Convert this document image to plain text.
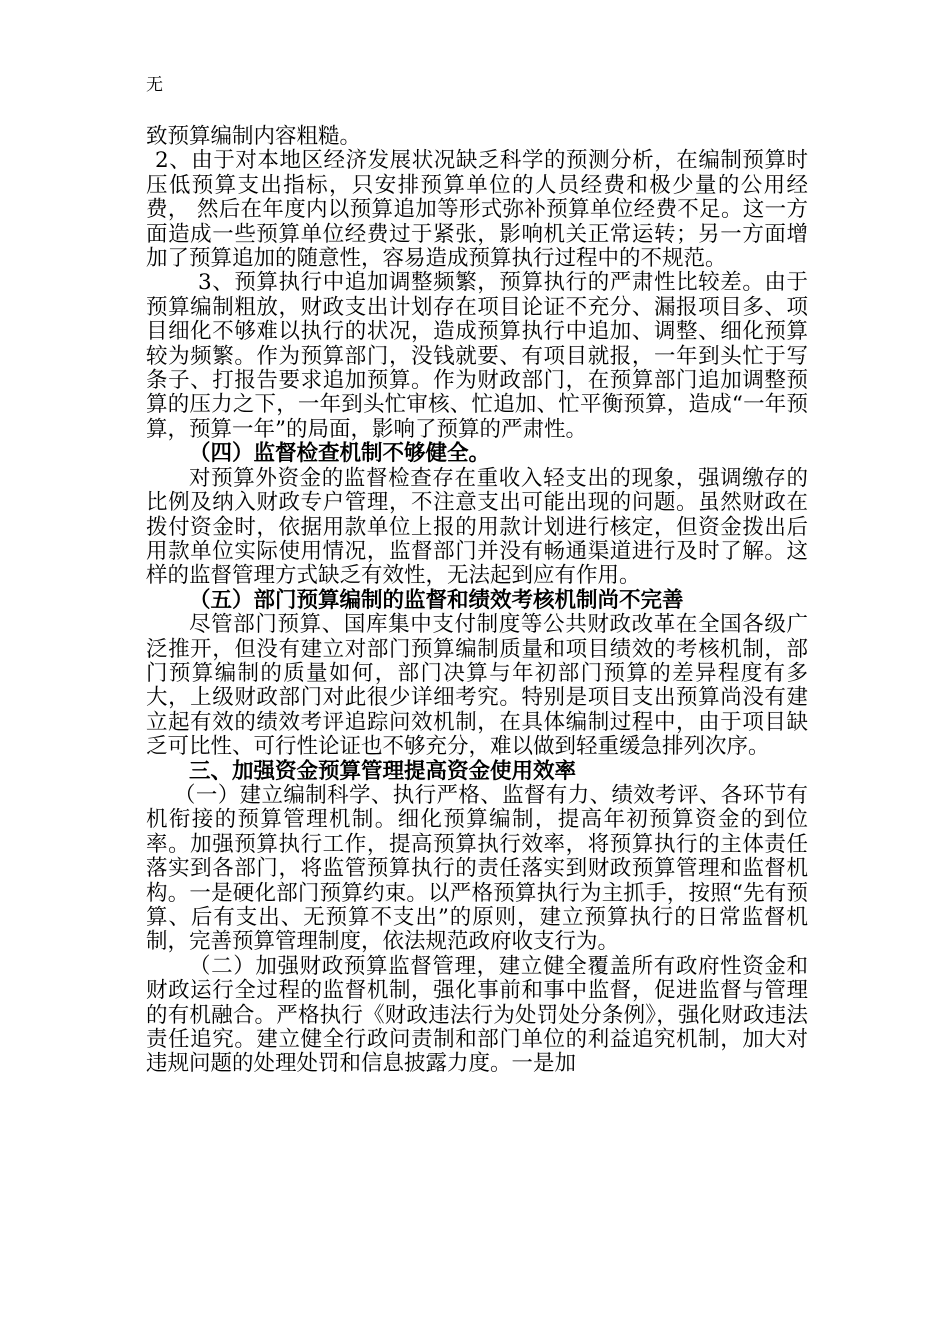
无

致预算编制内容粗糙。

2、由于对本地区经济发展状况缺乏科学的预测分析，在编制预算时压低预算支出指标，只安排预算单位的人员经费和极少量的公用经费， 然后在年度内以预算追加等形式弥补预算单位经费不足。这一方面造成一些预算单位经费过于紧张，影响机关正常运转；另一方面增加了预算追加的随意性，容易造成预算执行过程中的不规范。

3、预算执行中追加调整频繁，预算执行的严肃性比较差。由于预算编制粗放，财政支出计划存在项目论证不充分、漏报项目多、项目细化不够难以执行的状况，造成预算执行中追加、调整、细化预算较为频繁。作为预算部门，没钱就要、有项目就报，一年到头忙于写条子、打报告要求追加预算。作为财政部门，在预算部门追加调整预算的压力之下，一年到头忙审核、忙追加、忙平衡预算，造成“一年预算，预算一年”的局面，影响了预算的严肃性。

（四）监督检查机制不够健全。

对预算外资金的监督检查存在重收入轻支出的现象，强调缴存的比例及纳入财政专户管理，不注意支出可能出现的问题。虽然财政在拨付资金时，依据用款单位上报的用款计划进行核定，但资金拨出后用款单位实际使用情况，监督部门并没有畅通渠道进行及时了解。这样的监督管理方式缺乏有效性，无法起到应有作用。

（五）部门预算编制的监督和绩效考核机制尚不完善

尽管部门预算、国库集中支付制度等公共财政改革在全国各级广泛推开，但没有建立对部门预算编制质量和项目绩效的考核机制，部门预算编制的质量如何，部门决算与年初部门预算的差异程度有多大，上级财政部门对此很少详细考究。特别是项目支出预算尚没有建立起有效的绩效考评追踪问效机制，在具体编制过程中，由于项目缺乏可比性、可行性论证也不够充分，难以做到轻重缓急排列次序。

三、加强资金预算管理提高资金使用效率

（一）建立编制科学、执行严格、监督有力、绩效考评、各环节有机衔接的预算管理机制。细化预算编制，提高年初预算资金的到位率。加强预算执行工作，提高预算执行效率，将预算执行的主体责任落实到各部门，将监管预算执行的责任落实到财政预算管理和监督机构。一是硬化部门预算约束。以严格预算执行为主抓手，按照“先有预算、后有支出、无预算不支出”的原则，建立预算执行的日常监督机制，完善预算管理制度，依法规范政府收支行为。

（二）加强财政预算监督管理，建立健全覆盖所有政府性资金和财政运行全过程的监督机制，强化事前和事中监督，促进监督与管理的有机融合。严格执行《财政违法行为处罚处分条例》，强化财政违法责任追究。建立健全行政问责制和部门单位的利益追究机制，加大对违规问题的处理处罚和信息披露力度。一是加
